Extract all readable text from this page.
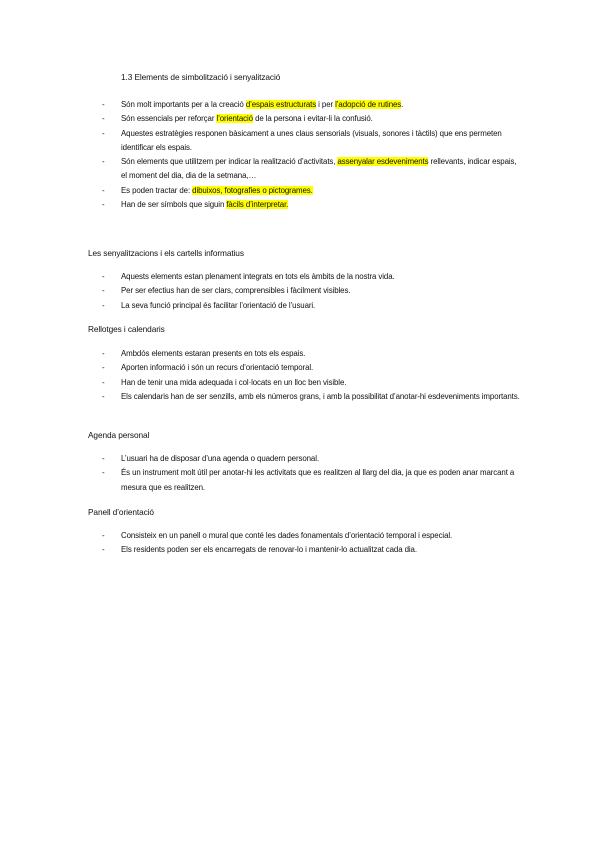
1.3 Elements de simbolització i senyalització
- Són molt importants per a la creació d’espais estructurats i per l’adopció de rutines.
- Són essencials per reforçar l’orientació de la persona i evitar-li la confusió.
- Aquestes estratègies responen bàsicament a unes claus sensorials (visuals, sonores i tàctils) que ens permeten identificar els espais.
- Són elements que utilitzem per indicar la realització d’activitats, assenyalar esdeveniments rellevants, indicar espais, el moment del dia, dia de la setmana,…
- Es poden tractar de: dibuixos, fotografies o pictogrames.
- Han de ser símbols que siguin fàcils d’interpretar.
Les senyalitzacions i els cartells informatius
- Aquests elements estan plenament integrats en tots els àmbits de la nostra vida.
- Per ser efectius han de ser clars, comprensibles i fàcilment visibles.
- La seva funció principal és facilitar l’orientació de l’usuari.
Rellotges i calendaris
- Ambdós elements estaran presents en tots els espais.
- Aporten informació i són un recurs d’orientació temporal.
- Han de tenir una mida adequada i col·locats en un lloc ben visible.
- Els calendaris han de ser senzills, amb els números grans, i amb la possibilitat d’anotar-hi esdeveniments importants.
Agenda personal
- L’usuari ha de disposar d’una agenda o quadern personal.
- És un instrument molt útil per anotar-hi les activitats que es realitzen al llarg del dia, ja que es poden anar marcant a mesura que es realitzen.
Panell d’orientació
- Consisteix en un panell o mural que conté les dades fonamentals d’orientació temporal i especial.
- Els residents poden ser els encarregats de renovar-lo i mantenir-lo actualitzat cada dia.
